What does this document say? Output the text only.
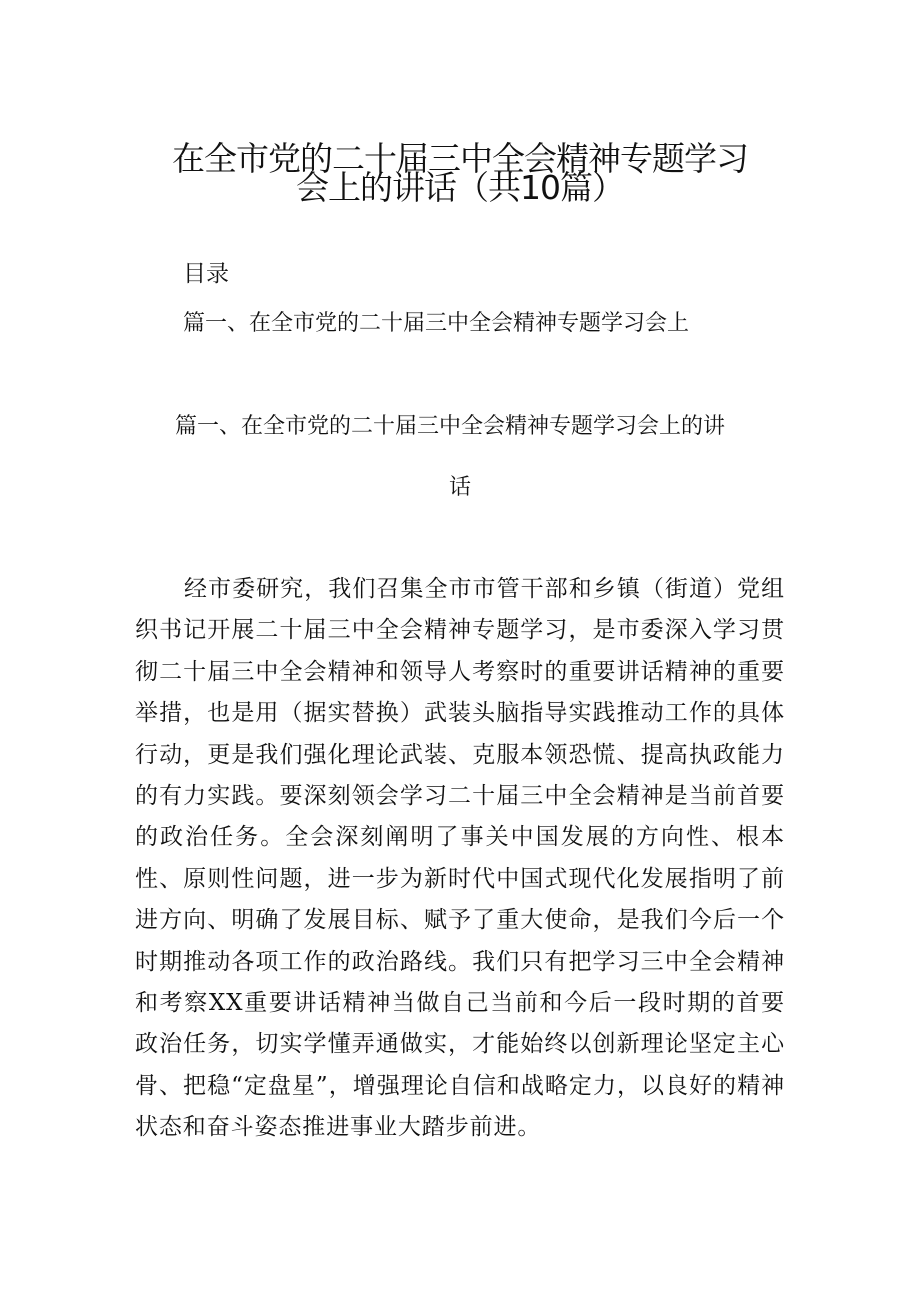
在全市党的二十届三中全会精神专题学习
会上的讲话（共10篇）
目录
篇一、在全市党的二十届三中全会精神专题学习会上
篇一、在全市党的二十届三中全会精神专题学习会上的讲
话

经市委研究，我们召集全市市管干部和乡镇（街道）党组织书记开展二十届三中全会精神专题学习，是市委深入学习贯彻二十届三中全会精神和领导人考察时的重要讲话精神的重要举措，也是用（据实替换）武装头脑指导实践推动工作的具体行动，更是我们强化理论武装、克服本领恐慌、提高执政能力的有力实践。要深刻领会学习二十届三中全会精神是当前首要的政治任务。全会深刻阐明了事关中国发展的方向性、根本性、原则性问题，进一步为新时代中国式现代化发展指明了前进方向、明确了发展目标、赋予了重大使命，是我们今后一个时期推动各项工作的政治路线。我们只有把学习三中全会精神和考察XX重要讲话精神当做自己当前和今后一段时期的首要政治任务，切实学懂弄通做实，才能始终以创新理论坚定主心骨、把稳“定盘星”，增强理论自信和战略定力，以良好的精神状态和奋斗姿态推进事业大踏步前进。
